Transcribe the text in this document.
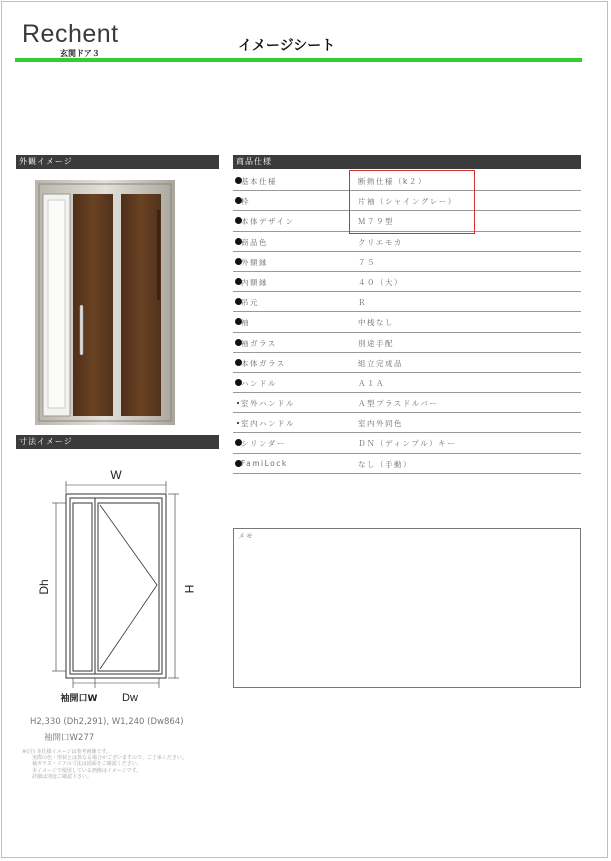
Rechent
玄関ドア３	イメージシート
外観イメージ
寸法イメージ
W
H
Dh
袖開口W Dw
H2,330 (Dh2,291), W1,240 (Dw864)
袖開口W277
※(注) 本仕様イメージは参考画像です。
　　実際の色・形状とは異なる場合がございますので、ご了承ください。
　　袖ガラス・ドアの寸法は図面をご確認ください。
　　本イメージで使用している画像はイメージです。
　　詳細は別途ご確認下さい。
商品仕様
基本仕様	断熱仕様（k２）
枠	片袖（シャイングレー）
本体デザイン	Ｍ７９型
商品色	クリエモカ
外額縁	７５
内額縁	４０（大）
吊元	Ｒ
袖	中桟なし
袖ガラス	別途手配
本体ガラス	組立完成品
ハンドル	Ａ１Ａ
室外ハンドル	Ａ型プラスドルバー
室内ハンドル	室内外同色
シリンダー	ＤＮ（ディンプル）キー
FamiLock	なし（手動）
メモ
